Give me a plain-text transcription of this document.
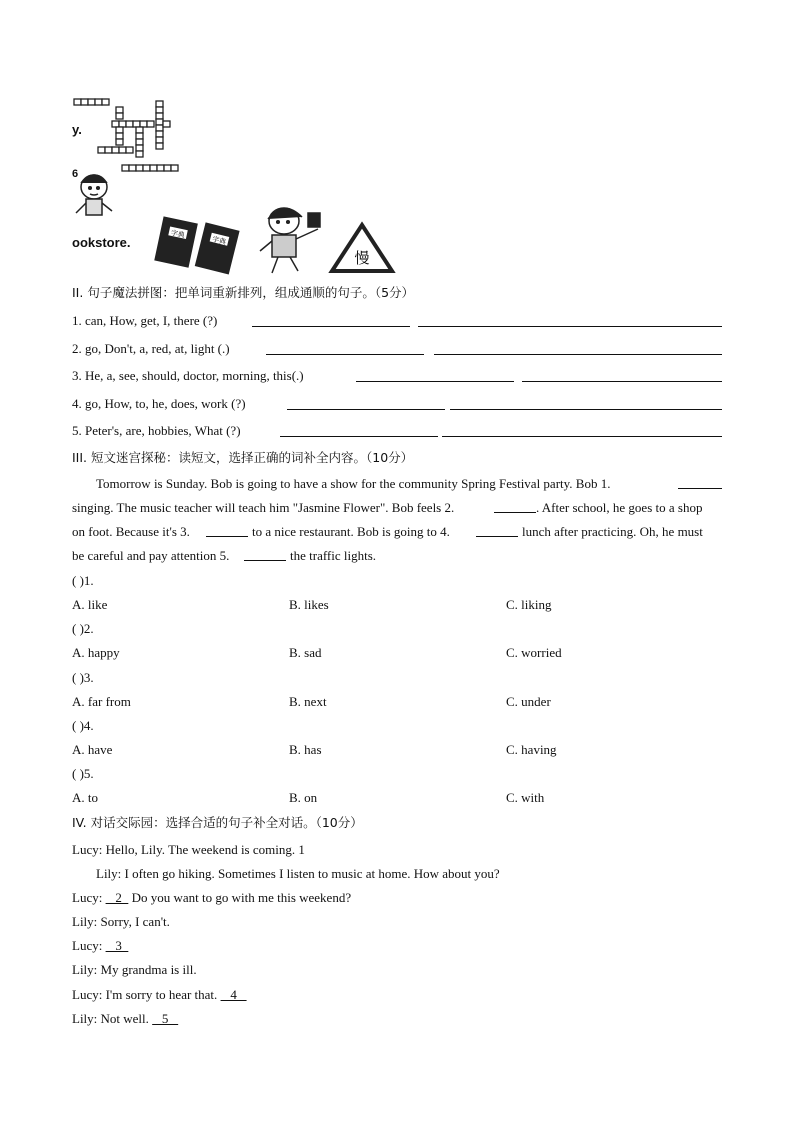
字典
字典
慢
y.
6
ookstore.
II. 句子魔法拼图：把单词重新排列，组成通顺的句子。（5分）
1. can, How, get, I, there (?)
2. go, Don't, a, red, at, light (.)
3. He, a, see, should, doctor, morning, this(.)
4. go, How, to, he, does, work (?)
5. Peter's, are, hobbies, What (?)
III. 短文迷宫探秘：读短文，选择正确的词补全内容。（10分）
Tomorrow is Sunday. Bob is going to have a show for the community Spring Festival party. Bob 1.
singing. The music teacher will teach him "Jasmine Flower". Bob feels 2.	. After school, he goes to a shop
on foot. Because it's 3.	to a nice restaurant. Bob is going to 4.	lunch after practicing. Oh, he must
be careful and pay attention 5.	the traffic lights.
( )1.
A. like	B. likes	C. liking
( )2.
A. happy	B. sad	C. worried
( )3.
A. far from	B. next	C. under
( )4.
A. have	B. has	C. having
( )5.
A. to	B. on	C. with
IV. 对话交际园：选择合适的句子补全对话。（10分）
Lucy: Hello, Lily. The weekend is coming. 1
Lily: I often go hiking. Sometimes I listen to music at home. How about you?
Lucy:    2   Do you want to go with me this weekend?
Lily: Sorry, I can't.
Lucy:    3
Lily: My grandma is ill.
Lucy: I'm sorry to hear that.    4
Lily: Not well.    5
